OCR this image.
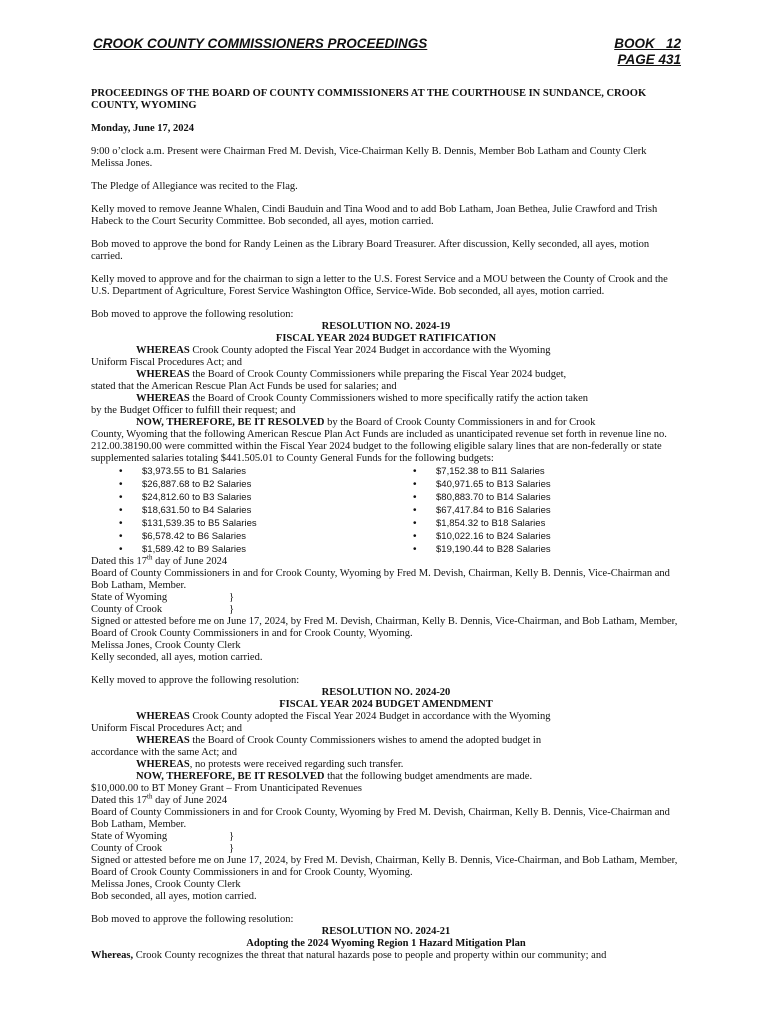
CROOK COUNTY COMMISSIONERS PROCEEDINGS	BOOK   12
PAGE 431

PROCEEDINGS OF THE BOARD OF COUNTY COMMISSIONERS AT THE COURTHOUSE IN SUNDANCE, CROOK COUNTY, WYOMING

Monday, June 17, 2024

9:00 o’clock a.m. Present were Chairman Fred M. Devish, Vice-Chairman Kelly B. Dennis, Member Bob Latham and County Clerk Melissa Jones.

The Pledge of Allegiance was recited to the Flag.

Kelly moved to remove Jeanne Whalen, Cindi Bauduin and Tina Wood and to add Bob Latham, Joan Bethea, Julie Crawford and Trish Habeck to the Court Security Committee. Bob seconded, all ayes, motion carried.

Bob moved to approve the bond for Randy Leinen as the Library Board Treasurer. After discussion, Kelly seconded, all ayes, motion carried.

Kelly moved to approve and for the chairman to sign a letter to the U.S. Forest Service and a MOU between the County of Crook and the U.S. Department of Agriculture, Forest Service Washington Office, Service-Wide. Bob seconded, all ayes, motion carried.

Bob moved to approve the following resolution:

RESOLUTION NO. 2024-19

FISCAL YEAR 2024 BUDGET RATIFICATION

WHEREAS Crook County adopted the Fiscal Year 2024 Budget in accordance with the Wyoming

Uniform Fiscal Procedures Act; and

WHEREAS the Board of Crook County Commissioners while preparing the Fiscal Year 2024 budget,

stated that the American Rescue Plan Act Funds be used for salaries; and

WHEREAS the Board of Crook County Commissioners wished to more specifically ratify the action taken

by the Budget Officer to fulfill their request; and

NOW, THEREFORE, BE IT RESOLVED by the Board of Crook County Commissioners in and for Crook

County, Wyoming that the following American Rescue Plan Act Funds are included as unanticipated revenue set forth in revenue line no. 212.00.38190.00 were committed within the Fiscal Year 2024 budget to the following eligible salary lines that are non-federally or state supplemented salaries totaling $441.505.01 to County General Funds for the following budgets:

• $3,973.55 to B1 Salaries
• $26,887.68 to B2 Salaries
• $24,812.60 to B3 Salaries
• $18,631.50 to B4 Salaries
• $131,539.35 to B5 Salaries
• $6,578.42 to B6 Salaries
• $1,589.42 to B9 Salaries
• $7,152.38 to B11 Salaries
• $40,971.65 to B13 Salaries
• $80,883.70 to B14 Salaries
• $67,417.84 to B16 Salaries
• $1,854.32 to B18 Salaries
• $10,022.16 to B24 Salaries
• $19,190.44 to B28 Salaries

Dated this 17th day of June 2024

Board of County Commissioners in and for Crook County, Wyoming by Fred M. Devish, Chairman, Kelly B. Dennis, Vice-Chairman and Bob Latham, Member.

State of Wyoming	}

County of Crook	}

Signed or attested before me on June 17, 2024, by Fred M. Devish, Chairman, Kelly B. Dennis, Vice-Chairman, and Bob Latham, Member, Board of Crook County Commissioners in and for Crook County, Wyoming.

Melissa Jones, Crook County Clerk

Kelly seconded, all ayes, motion carried.

Kelly moved to approve the following resolution:

RESOLUTION NO. 2024-20

FISCAL YEAR 2024 BUDGET AMENDMENT

WHEREAS Crook County adopted the Fiscal Year 2024 Budget in accordance with the Wyoming

Uniform Fiscal Procedures Act; and

WHEREAS the Board of Crook County Commissioners wishes to amend the adopted budget in

accordance with the same Act; and

WHEREAS, no protests were received regarding such transfer.

NOW, THEREFORE, BE IT RESOLVED that the following budget amendments are made.

$10,000.00 to BT Money Grant – From Unanticipated Revenues

Dated this 17th day of June 2024

Board of County Commissioners in and for Crook County, Wyoming by Fred M. Devish, Chairman, Kelly B. Dennis, Vice-Chairman and Bob Latham, Member.

State of Wyoming	}

County of Crook	}

Signed or attested before me on June 17, 2024, by Fred M. Devish, Chairman, Kelly B. Dennis, Vice-Chairman, and Bob Latham, Member, Board of Crook County Commissioners in and for Crook County, Wyoming.

Melissa Jones, Crook County Clerk

Bob seconded, all ayes, motion carried.

Bob moved to approve the following resolution:

RESOLUTION NO. 2024-21

Adopting the 2024 Wyoming Region 1 Hazard Mitigation Plan

Whereas, Crook County recognizes the threat that natural hazards pose to people and property within our community; and
